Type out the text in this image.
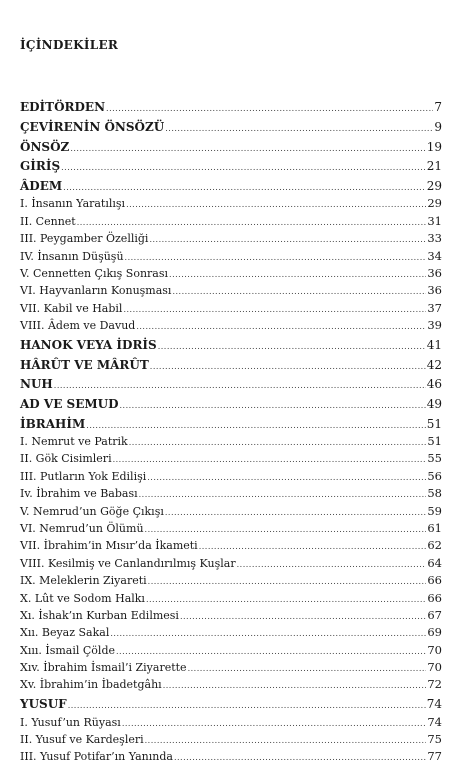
İÇİNDEKİLER
EDİTÖRDEN .....	7
ÇEVİRENİN ÖNSÖZÜ .....	9
ÖNSÖZ .....	19
GİRİŞ .....	21
ÂDEM .....	29
I. İnsanın Yaratılışı .....	29
II. Cennet .....	31
III. Peygamber Özelliği .....	33
IV. İnsanın Düşüşü .....	34
V. Cennetten Çıkış Sonrası .....	36
VI. Hayvanların Konuşması .....	36
VII. Kabil ve Habil .....	37
VIII. Âdem ve Davud .....	39
HANOK VEYA İDRİS .....	41
HÂRÛT VE MÂRÛT .....	42
NUH .....	46
AD VE SEMUD .....	49
İBRAHİM .....	51
I. Nemrut ve Patrik .....	51
II. Gök Cisimleri .....	55
III. Putların Yok Edilişi .....	56
Iv. İbrahim ve Babası .....	58
V. Nemrud’un Göğe Çıkışı .....	59
VI. Nemrud’un Ölümü .....	61
VII. İbrahim’in Mısır’da İkameti .....	62
VIII. Kesilmiş ve Canlandırılmış Kuşlar .....	64
IX. Meleklerin Ziyareti .....	66
X. Lût ve Sodom Halkı .....	66
Xı. İshak’ın Kurban Edilmesi .....	67
Xıı. Beyaz Sakal .....	69
Xııı. İsmail Çölde .....	70
Xıv. İbrahim İsmail’i Ziyarette .....	70
Xv. İbrahim’in İbadetgâhı .....	72
YUSUF .....	74
I. Yusuf’un Rüyası .....	74
II. Yusuf ve Kardeşleri .....	75
III. Yusuf Potifar’ın Yanında .....	77
